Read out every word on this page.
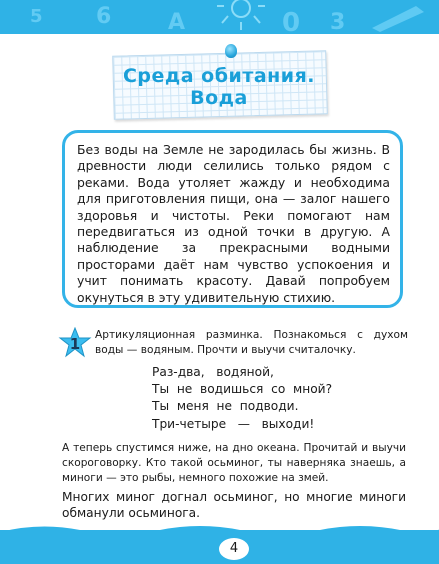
6	A	0 3
5
Среда обитания.
Вода

Без воды на Земле не зародилась бы жизнь. В древности люди селились только рядом с реками. Вода утоляет жажду и необходима для приготовления пищи, она — залог нашего здоровья и чистоты. Реки помогают нам передвигаться из одной точки в другую. А наблюдение за прекрасными водными просторами даёт нам чувство успокоения и учит понимать красоту. Давай попробуем окунуться в эту удивительную стихию.

1	Артикуляционная разминка. Познакомься с духом воды — водяным. Прочти и выучи считалочку.

Раз-два,   водяной,
Ты  не  водишься  со  мной?
Ты  меня  не  подводи.
Три-четыре   —   выходи!

А теперь спустимся ниже, на дно океана. Прочитай и выучи скороговорку. Кто такой осьминог, ты наверняка знаешь, а миноги — это рыбы, немного похожие на змей.

Многих миног догнал осьминог, но многие миноги обманули осьминога.

4
